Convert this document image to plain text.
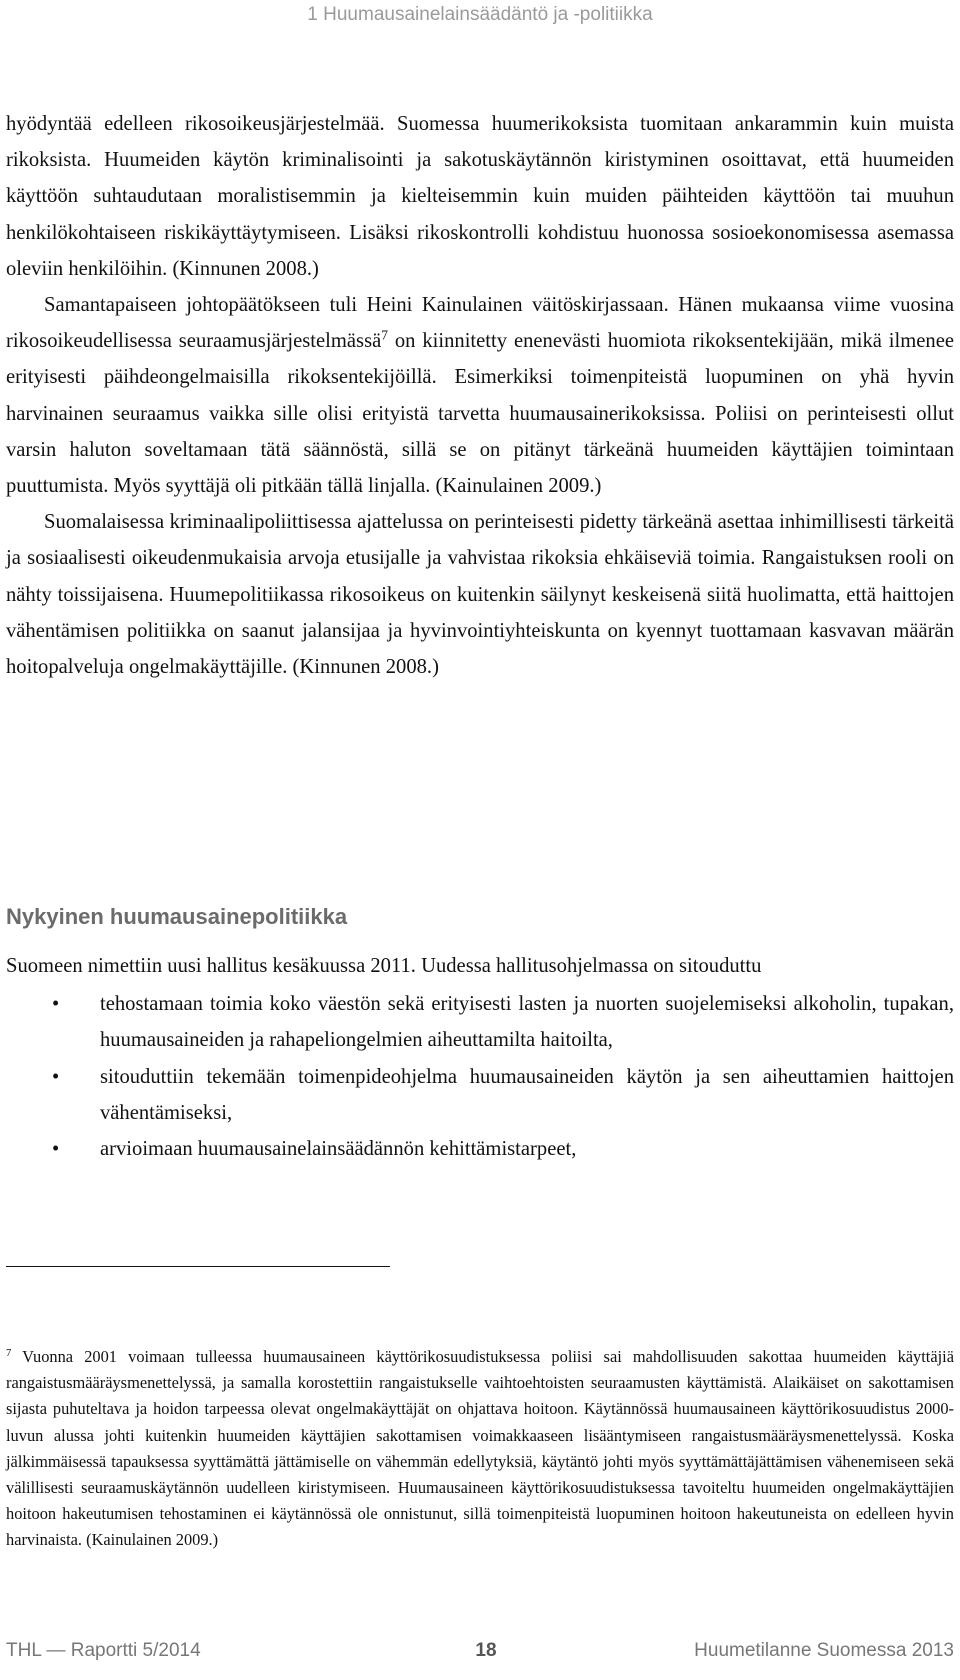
1 Huumausainelainsäädäntö ja -politiikka

hyödyntää edelleen rikosoikeusjärjestelmää. Suomessa huumerikoksista tuomitaan ankarammin kuin muista rikoksista. Huumeiden käytön kriminalisointi ja sakotuskäytännön kiristyminen osoittavat, että huumeiden käyttöön suhtaudutaan moralistisemmin ja kielteisemmin kuin muiden päihteiden käyttöön tai muuhun henkilökohtaiseen riskikäyttäytymiseen. Lisäksi rikoskontrolli kohdistuu huonossa sosioekonomisessa asemassa oleviin henkilöihin. (Kinnunen 2008.)

Samantapaiseen johtopäätökseen tuli Heini Kainulainen väitöskirjassaan. Hänen mukaansa viime vuosina rikosoikeudellisessa seuraamusjärjestelmässä$^7$ on kiinnitetty enenevästi huomiota rikoksentekijään, mikä ilmenee erityisesti päihdeongelmaisilla rikoksentekijöillä. Esimerkiksi toimenpiteistä luopuminen on yhä hyvin harvinainen seuraamus vaikka sille olisi erityistä tarvetta huumausainerikoksissa. Poliisi on perinteisesti ollut varsin haluton soveltamaan tätä säännöstä, sillä se on pitänyt tärkeänä huumeiden käyttäjien toimintaan puuttumista. Myös syyttäjä oli pitkään tällä linjalla. (Kainulainen 2009.)

Suomalaisessa kriminaalipoliittisessa ajattelussa on perinteisesti pidetty tärkeänä asettaa inhimillisesti tärkeitä ja sosiaalisesti oikeudenmukaisia arvoja etusijalle ja vahvistaa rikoksia ehkäiseviä toimia. Rangaistuksen rooli on nähty toissijaisena. Huumepolitiikassa rikosoikeus on kuitenkin säilynyt keskeisenä siitä huolimatta, että haittojen vähentämisen politiikka on saanut jalansijaa ja hyvinvointiyhteiskunta on kyennyt tuottamaan kasvavan määrän hoitopalveluja ongelmakäyttäjille. (Kinnunen 2008.)

Nykyinen huumausainepolitiikka

Suomeen nimettiin uusi hallitus kesäkuussa 2011. Uudessa hallitusohjelmassa on sitouduttu

• tehostamaan toimia koko väestön sekä erityisesti lasten ja nuorten suojelemiseksi alkoholin, tupakan, huumausaineiden ja rahapeliongelmien aiheuttamilta haitoilta,
• sitouduttiin tekemään toimenpideohjelma huumausaineiden käytön ja sen aiheuttamien haittojen vähentämiseksi,
• arvioimaan huumausainelainsäädännön kehittämistarpeet,

$^7$ Vuonna 2001 voimaan tulleessa huumausaineen käyttörikosuudistuksessa poliisi sai mahdollisuuden sakottaa huumeiden käyttäjiä rangaistusmääräysmenettelyssä, ja samalla korostettiin rangaistukselle vaihtoehtoisten seuraamusten käyttämistä. Alaikäiset on sakottamisen sijasta puhuteltava ja hoidon tarpeessa olevat ongelmakäyttäjät on ohjattava hoitoon. Käytännössä huumausaineen käyttörikosuudistus 2000-luvun alussa johti kuitenkin huumeiden käyttäjien sakottamisen voimakkaaseen lisääntymiseen rangaistusmääräysmenettelyssä. Koska jälkimmäisessä tapauksessa syyttämättä jättämiselle on vähemmän edellytyksiä, käytäntö johti myös syyttämättäjättämisen vähenemiseen sekä välillisesti seuraamuskäytännön uudelleen kiristymiseen. Huumausaineen käyttörikosuudistuksessa tavoiteltu huumeiden ongelmakäyttäjien hoitoon hakeutumisen tehostaminen ei käytännössä ole onnistunut, sillä toimenpiteistä luopuminen hoitoon hakeutuneista on edelleen hyvin harvinaista. (Kainulainen 2009.)

THL — Raportti 5/2014	18	Huumetilanne Suomessa 2013
